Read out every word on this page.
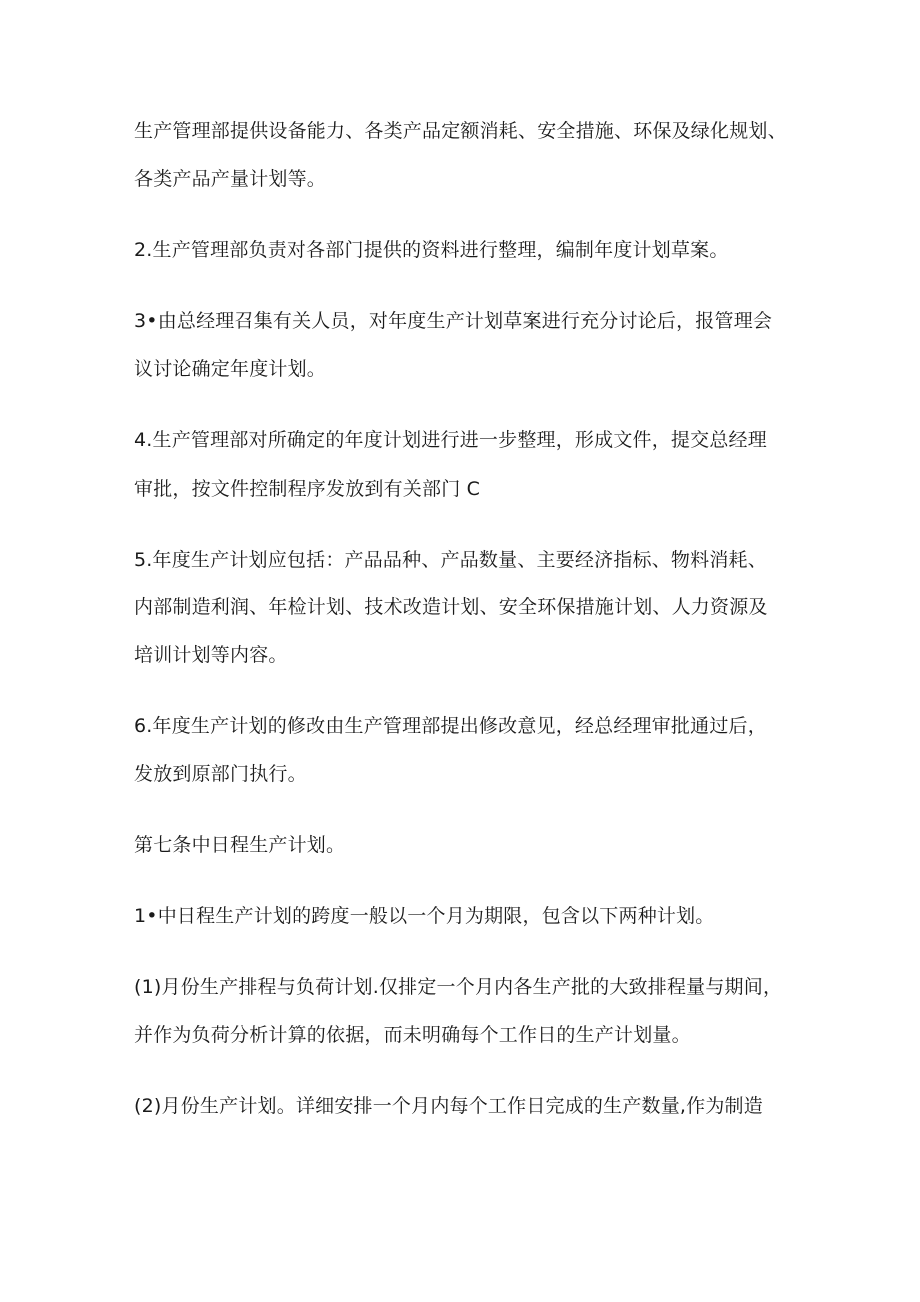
生产管理部提供设备能力、各类产品定额消耗、安全措施、环保及绿化规划、
各类产品产量计划等。
2.生产管理部负责对各部门提供的资料进行整理，编制年度计划草案。
3•由总经理召集有关人员，对年度生产计划草案进行充分讨论后，报管理会
议讨论确定年度计划。
4.生产管理部对所确定的年度计划进行进一步整理，形成文件，提交总经理
审批，按文件控制程序发放到有关部门 C
5.年度生产计划应包括：产品品种、产品数量、主要经济指标、物料消耗、
内部制造利润、年检计划、技术改造计划、安全环保措施计划、人力资源及
培训计划等内容。
6.年度生产计划的修改由生产管理部提出修改意见，经总经理审批通过后，
发放到原部门执行。
第七条中日程生产计划。
1•中日程生产计划的跨度一般以一个月为期限，包含以下两种计划。
(1)月份生产排程与负荷计划.仅排定一个月内各生产批的大致排程量与期间，
并作为负荷分析计算的依据，而未明确每个工作日的生产计划量。
(2)月份生产计划。详细安排一个月内每个工作日完成的生产数量,作为制造
